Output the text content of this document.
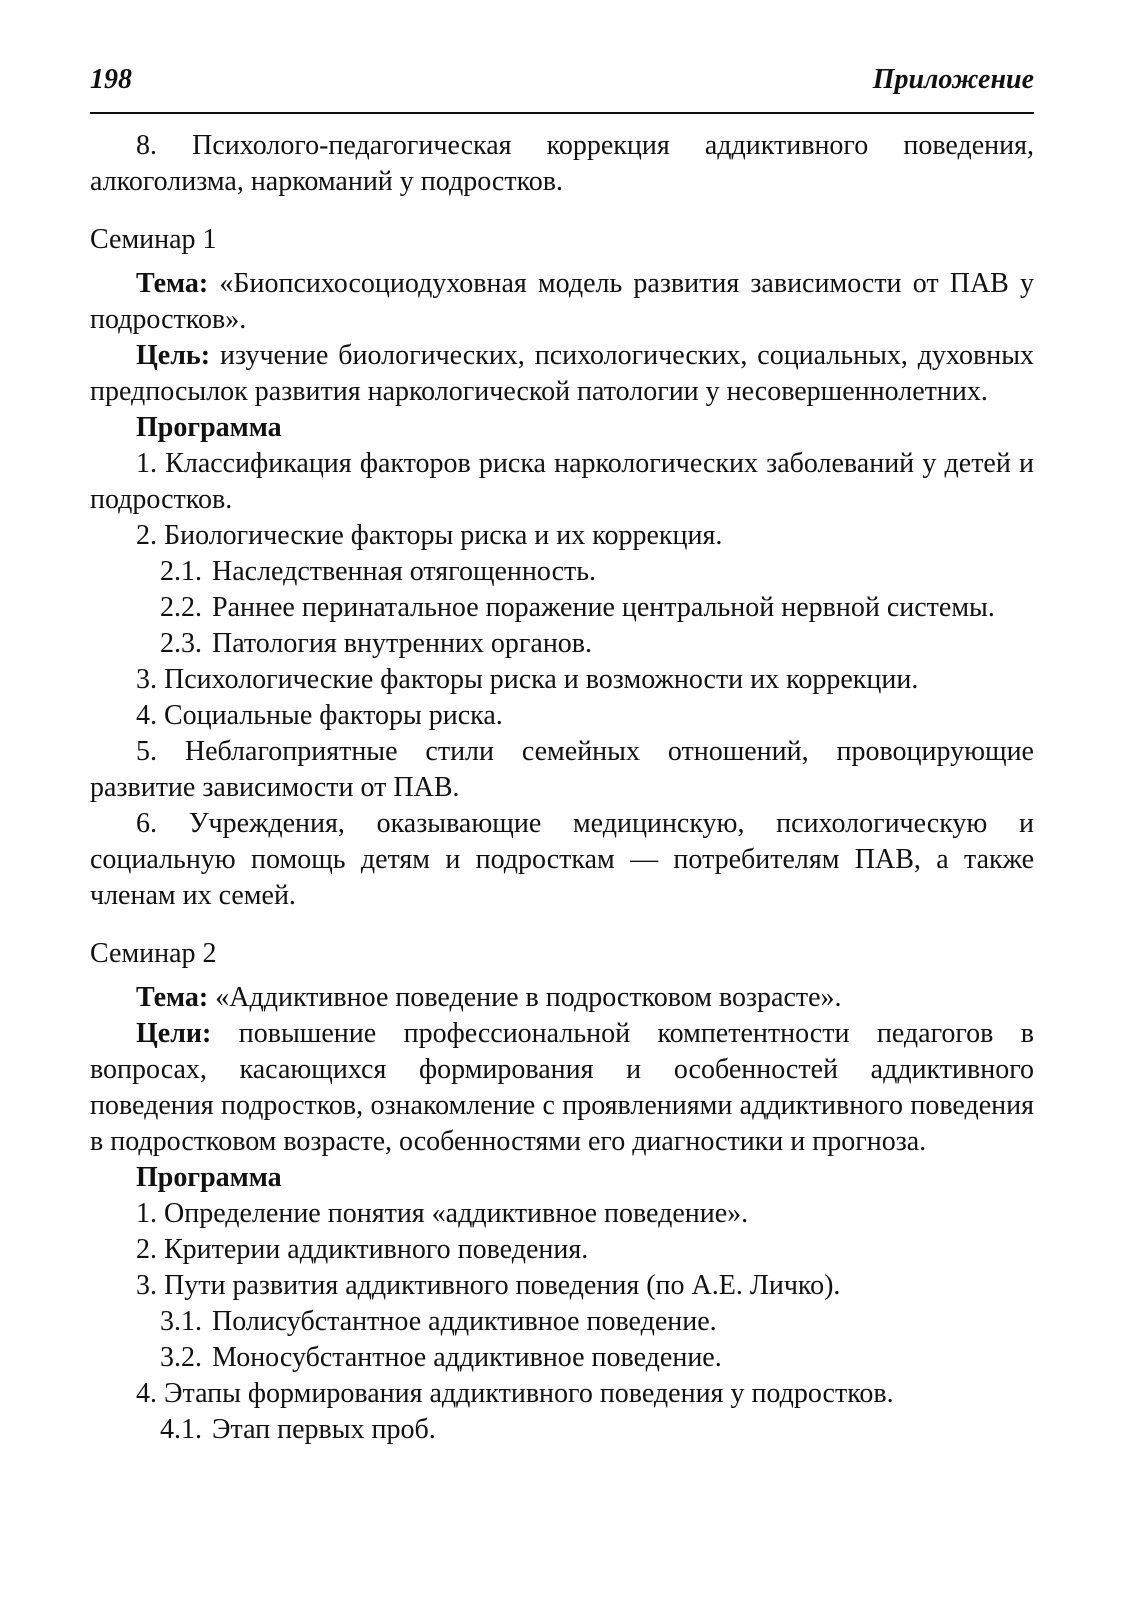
198	Приложение

8. Психолого-педагогическая коррекция аддиктивного поведения, алкоголизма, наркоманий у подростков.

Семинар 1

Тема: «Биопсихосоциодуховная модель развития зависимости от ПАВ у подростков».

Цель: изучение биологических, психологических, социальных, духовных предпосылок развития наркологической патологии у несовершеннолетних.

Программа

1. Классификация факторов риска наркологических заболеваний у детей и подростков.

2. Биологические факторы риска и их коррекция.

2.1. Наследственная отягощенность.
2.2. Раннее перинатальное поражение центральной нервной системы.
2.3. Патология внутренних органов.

3. Психологические факторы риска и возможности их коррекции.

4. Социальные факторы риска.

5. Неблагоприятные стили семейных отношений, провоцирующие развитие зависимости от ПАВ.

6. Учреждения, оказывающие медицинскую, психологическую и социальную помощь детям и подросткам — потребителям ПАВ, а также членам их семей.

Семинар 2

Тема: «Аддиктивное поведение в подростковом возрасте».

Цели: повышение профессиональной компетентности педагогов в вопросах, касающихся формирования и особенностей аддиктивного поведения подростков, ознакомление с проявлениями аддиктивного поведения в подростковом возрасте, особенностями его диагностики и прогноза.

Программа

1. Определение понятия «аддиктивное поведение».

2. Критерии аддиктивного поведения.

3. Пути развития аддиктивного поведения (по А.Е. Личко).

3.1. Полисубстантное аддиктивное поведение.
3.2. Моносубстантное аддиктивное поведение.

4. Этапы формирования аддиктивного поведения у подростков.

4.1. Этап первых проб.
